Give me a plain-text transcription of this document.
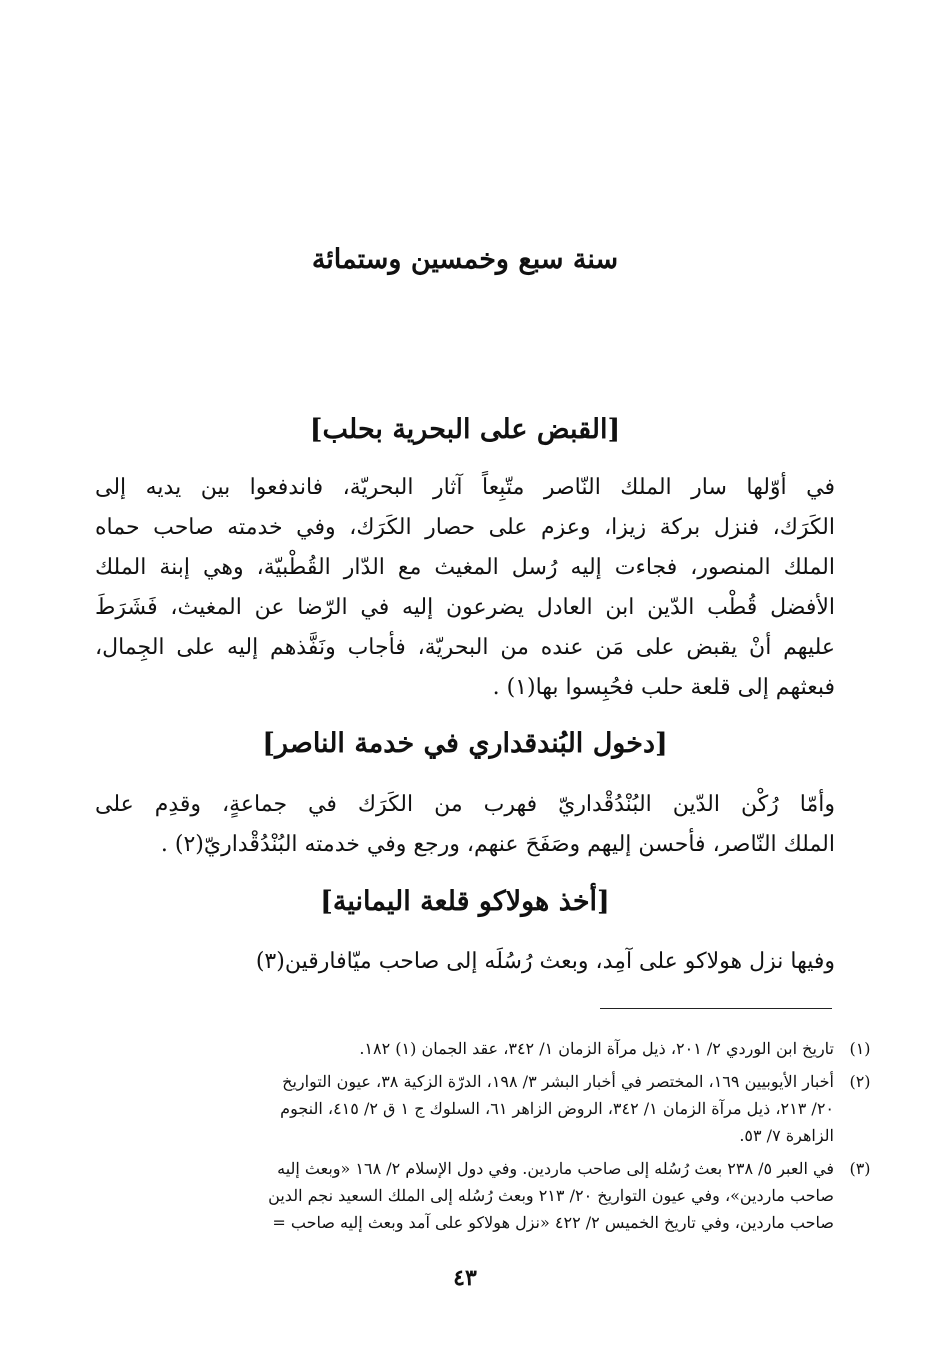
سنة سبع وخمسين وستمائة
[القبض على البحرية بحلب]
في أوّلها سار الملك النّاصر متّبِعاً آثار البحريّة، فاندفعوا بين يديه إلى
الكَرَك، فنزل بركة زيزا، وعزم على حصار الكَرَك، وفي خدمته صاحب حماه
الملك المنصور، فجاءت إليه رُسل المغيث مع الدّار القُطْبيّة، وهي إبنة الملك
الأفضل قُطْب الدّين ابن العادل يضرعون إليه في الرّضا عن المغيث، فَشَرَطَ
عليهم أنْ يقبض على مَن عنده من البحريّة، فأجاب ونَفَّذهم إليه على الجِمال،
فبعثهم إلى قلعة حلب فحُبِسوا بها(١) .
[دخول البُندقداري في خدمة الناصر]
وأمّا رُكْن الدّين البُنْدُقْداريّ فهرب من الكَرَك في جماعةٍ، وقدِم على
الملك النّاصر، فأحسن إليهم وصَفَحَ عنهم، ورجع وفي خدمته البُنْدُقْداريّ(٢) .
[أخذ هولاكو قلعة اليمانية]
وفيها نزل هولاكو على آمِد، وبعث رُسُلَه إلى صاحب ميّافارقين(٣)
(١)
تاريخ ابن الوردي ٢/ ٢٠١، ذيل مرآة الزمان ١/ ٣٤٢، عقد الجمان (١) ١٨٢.
(٢)
أخبار الأيوبيين ١٦٩، المختصر في أخبار البشر ٣/ ١٩٨، الدرّة الزكية ٣٨، عيون التواريخ
٢٠/ ٢١٣، ذيل مرآة الزمان ١/ ٣٤٢، الروض الزاهر ٦١، السلوك ج ١ ق ٢/ ٤١٥، النجوم
الزاهرة ٧/ ٥٣.
(٣)
في العبر ٥/ ٢٣٨ بعث رُسُله إلى صاحب ماردين. وفي دول الإسلام ٢/ ١٦٨ «وبعث إليه
صاحب ماردين»، وفي عيون التواريخ ٢٠/ ٢١٣ وبعث رُسُله إلى الملك السعيد نجم الدين
صاحب ماردين، وفي تاريخ الخميس ٢/ ٤٢٢ «نزل هولاكو على آمد وبعث إليه صاحب =
٤٣
